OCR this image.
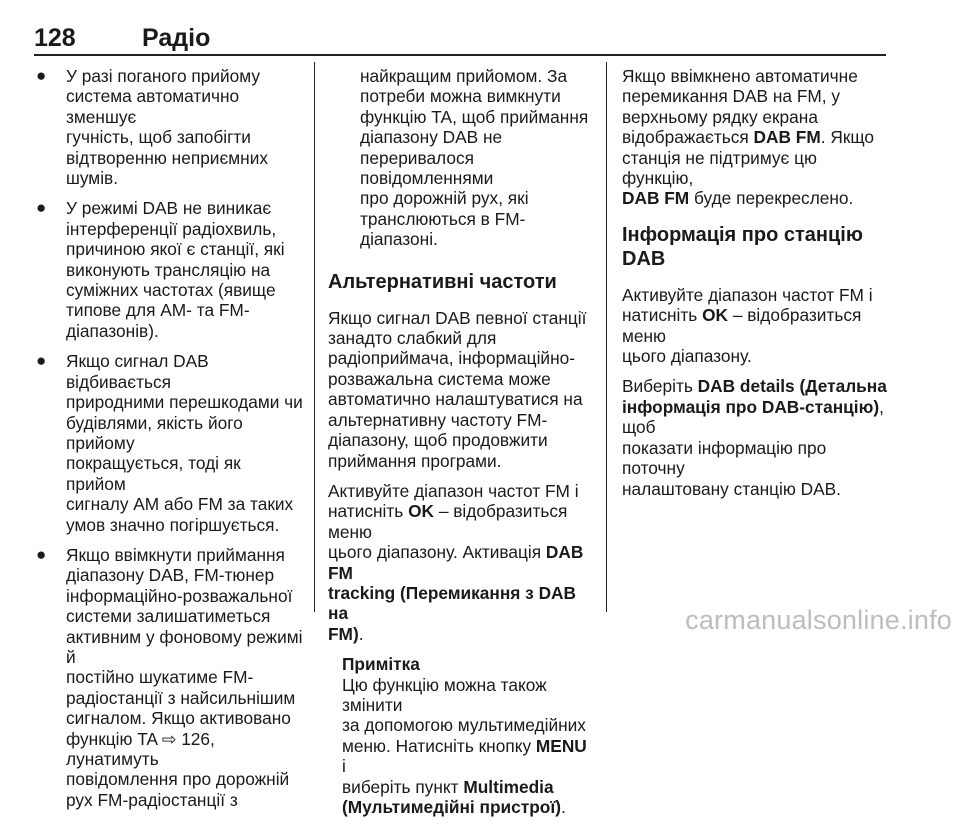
128	Радіо
● У разі поганого прийому
система автоматично зменшує
гучність, щоб запобігти
відтворенню неприємних
шумів.

● У режимі DAB не виникає
інтерференції радіохвиль,
причиною якої є станції, які
виконують трансляцію на
суміжних частотах (явище
типове для AM- та FM-
діапазонів).

● Якщо сигнал DAB відбивається
природними перешкодами чи
будівлями, якість його прийому
покращується, тоді як прийом
сигналу AM або FM за таких
умов значно погіршується.

● Якщо ввімкнути приймання
діапазону DAB, FM-тюнер
інформаційно-розважальної
системи залишатиметься
активним у фоновому режимі й
постійно шукатиме FM-
радіостанції з найсильнішим
сигналом. Якщо активовано
функцію TA ⇨ 126, лунатимуть
повідомлення про дорожній
рух FM-радіостанції з

найкращим прийомом. За
потреби можна вимкнути
функцію TA, щоб приймання
діапазону DAB не
переривалося повідомленнями
про дорожній рух, які
транслюються в FM-діапазоні.

Альтернативні частоти

Якщо сигнал DAB певної станції
занадто слабкий для
радіоприймача, інформаційно-
розважальна система може
автоматично налаштуватися на
альтернативну частоту FM-
діапазону, щоб продовжити
приймання програми.

Активуйте діапазон частот FM і
натисніть OK – відобразиться меню
цього діапазону. Активація DAB FM
tracking (Перемикання з DAB на
FM).

Примітка

Цю функцію можна також змінити
за допомогою мультимедійних
меню. Натисніть кнопку MENU і
виберіть пункт Multimedia
(Мультимедійні пристрої).

Якщо ввімкнено автоматичне
перемикання DAB на FM, у
верхньому рядку екрана
відображається DAB FM. Якщо
станція не підтримує цю функцію,
DAB FM буде перекреслено.

Інформація про станцію DAB

Активуйте діапазон частот FM і
натисніть OK – відобразиться меню
цього діапазону.

Виберіть DAB details (Детальна
інформація про DAB-станцію), щоб
показати інформацію про поточну
налаштовану станцію DAB.

carmanualsonline.info
